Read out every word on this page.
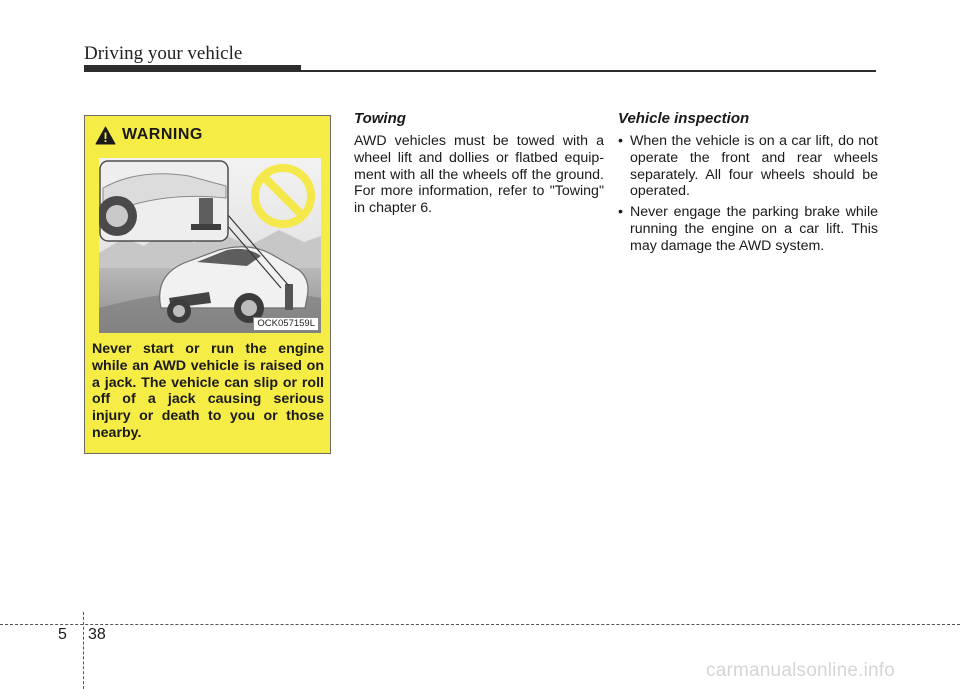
Driving your vehicle
WARNING
OCK057159L
Never start or run the engine while an AWD vehicle is raised on a jack. The vehicle can slip or roll off of a jack causing serious injury or death to you or those nearby.
Towing

AWD vehicles must be towed with a wheel lift and dollies or flatbed equip-ment with all the wheels off the ground. For more information, refer to "Towing" in chapter 6.

Vehicle inspection
• When the vehicle is on a car lift, do not operate the front and rear wheels separately. All four wheels should be operated.
• Never engage the parking brake while running the engine on a car lift. This may damage the AWD system.
5 38
carmanualsonline.info
